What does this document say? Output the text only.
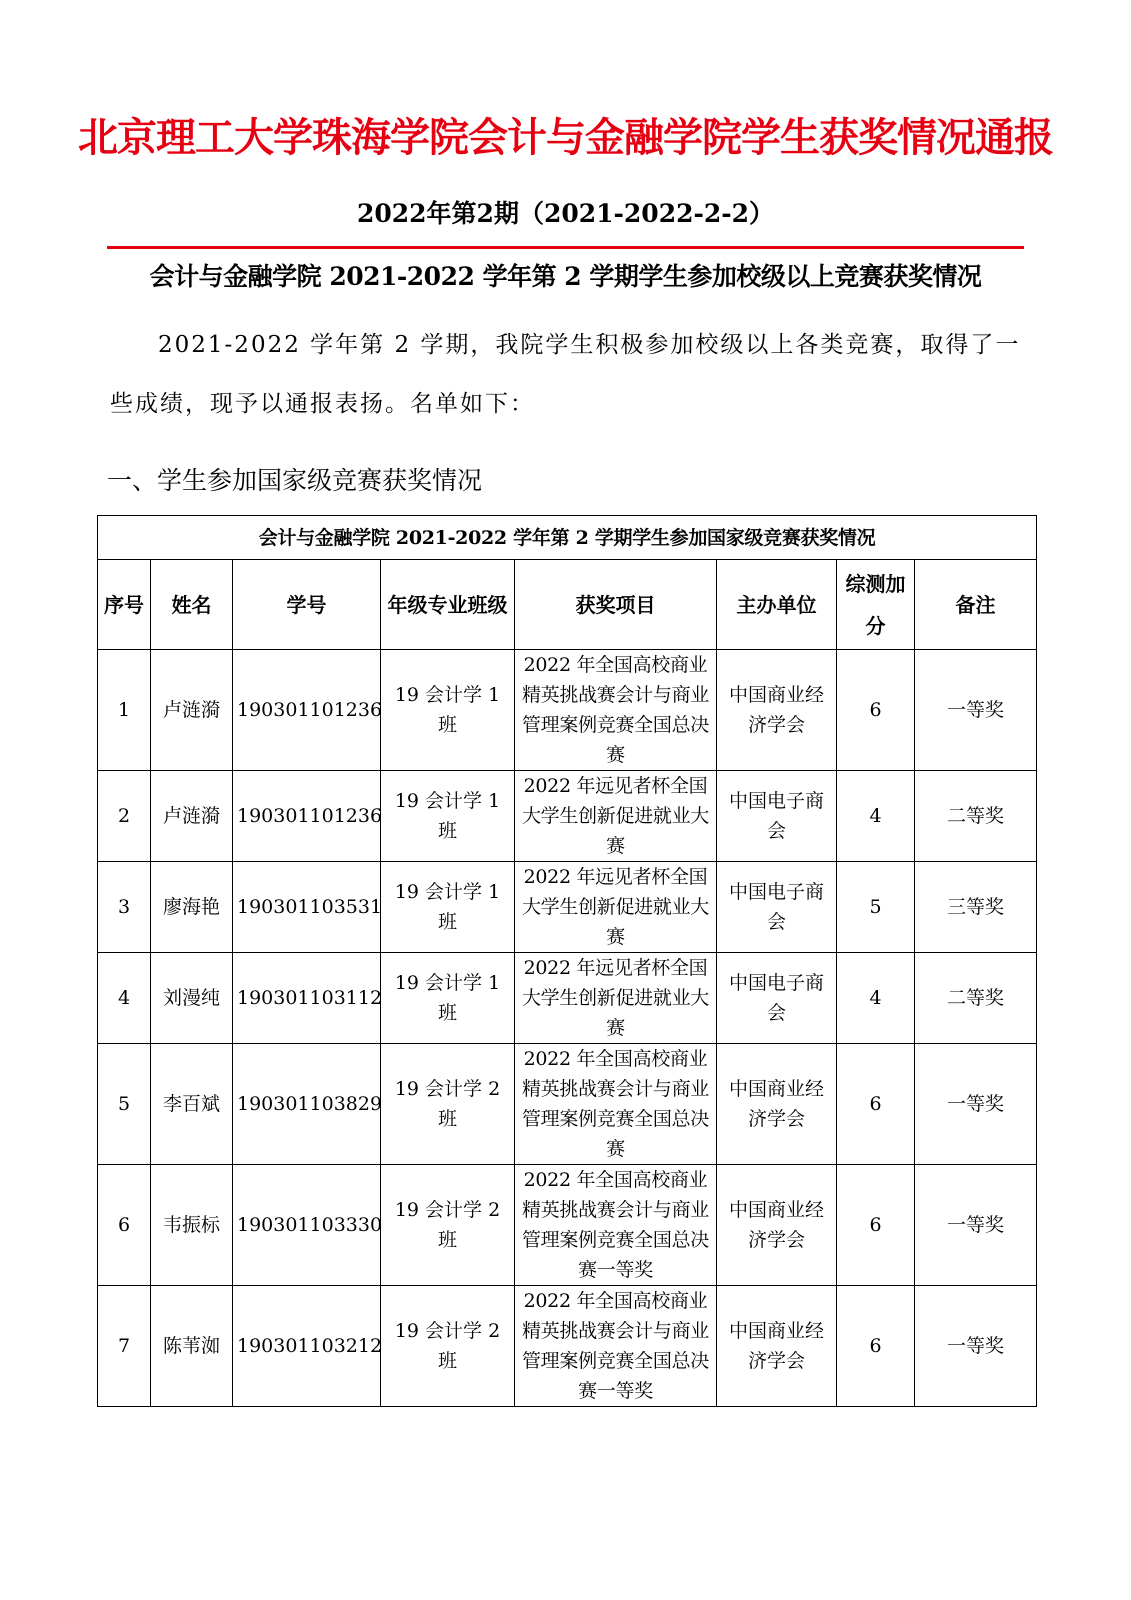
北京理工大学珠海学院会计与金融学院学生获奖情况通报
2022年第2期（2021-2022-2-2）
会计与金融学院 2021-2022 学年第 2 学期学生参加校级以上竞赛获奖情况
2021-2022 学年第 2 学期，我院学生积极参加校级以上各类竞赛，取得了一
些成绩，现予以通报表扬。名单如下：
一、学生参加国家级竞赛获奖情况
会计与金融学院 2021-2022 学年第 2 学期学生参加国家级竞赛获奖情况							
序号	姓名	学号	年级专业班级	获奖项目	主办单位	综测加分	备注
1	卢涟漪	190301101236	19 会计学 1 班	2022 年全国高校商业精英挑战赛会计与商业管理案例竞赛全国总决赛	中国商业经济学会	6	一等奖
2	卢涟漪	190301101236	19 会计学 1 班	2022 年远见者杯全国大学生创新促进就业大赛	中国电子商会	4	二等奖
3	廖海艳	190301103531	19 会计学 1 班	2022 年远见者杯全国大学生创新促进就业大赛	中国电子商会	5	三等奖
4	刘漫纯	190301103112	19 会计学 1 班	2022 年远见者杯全国大学生创新促进就业大赛	中国电子商会	4	二等奖
5	李百斌	190301103829	19 会计学 2 班	2022 年全国高校商业精英挑战赛会计与商业管理案例竞赛全国总决赛	中国商业经济学会	6	一等奖
6	韦振标	190301103330	19 会计学 2 班	2022 年全国高校商业精英挑战赛会计与商业管理案例竞赛全国总决赛一等奖	中国商业经济学会	6	一等奖
7	陈苇洳	190301103212	19 会计学 2 班	2022 年全国高校商业精英挑战赛会计与商业管理案例竞赛全国总决赛一等奖	中国商业经济学会	6	一等奖
